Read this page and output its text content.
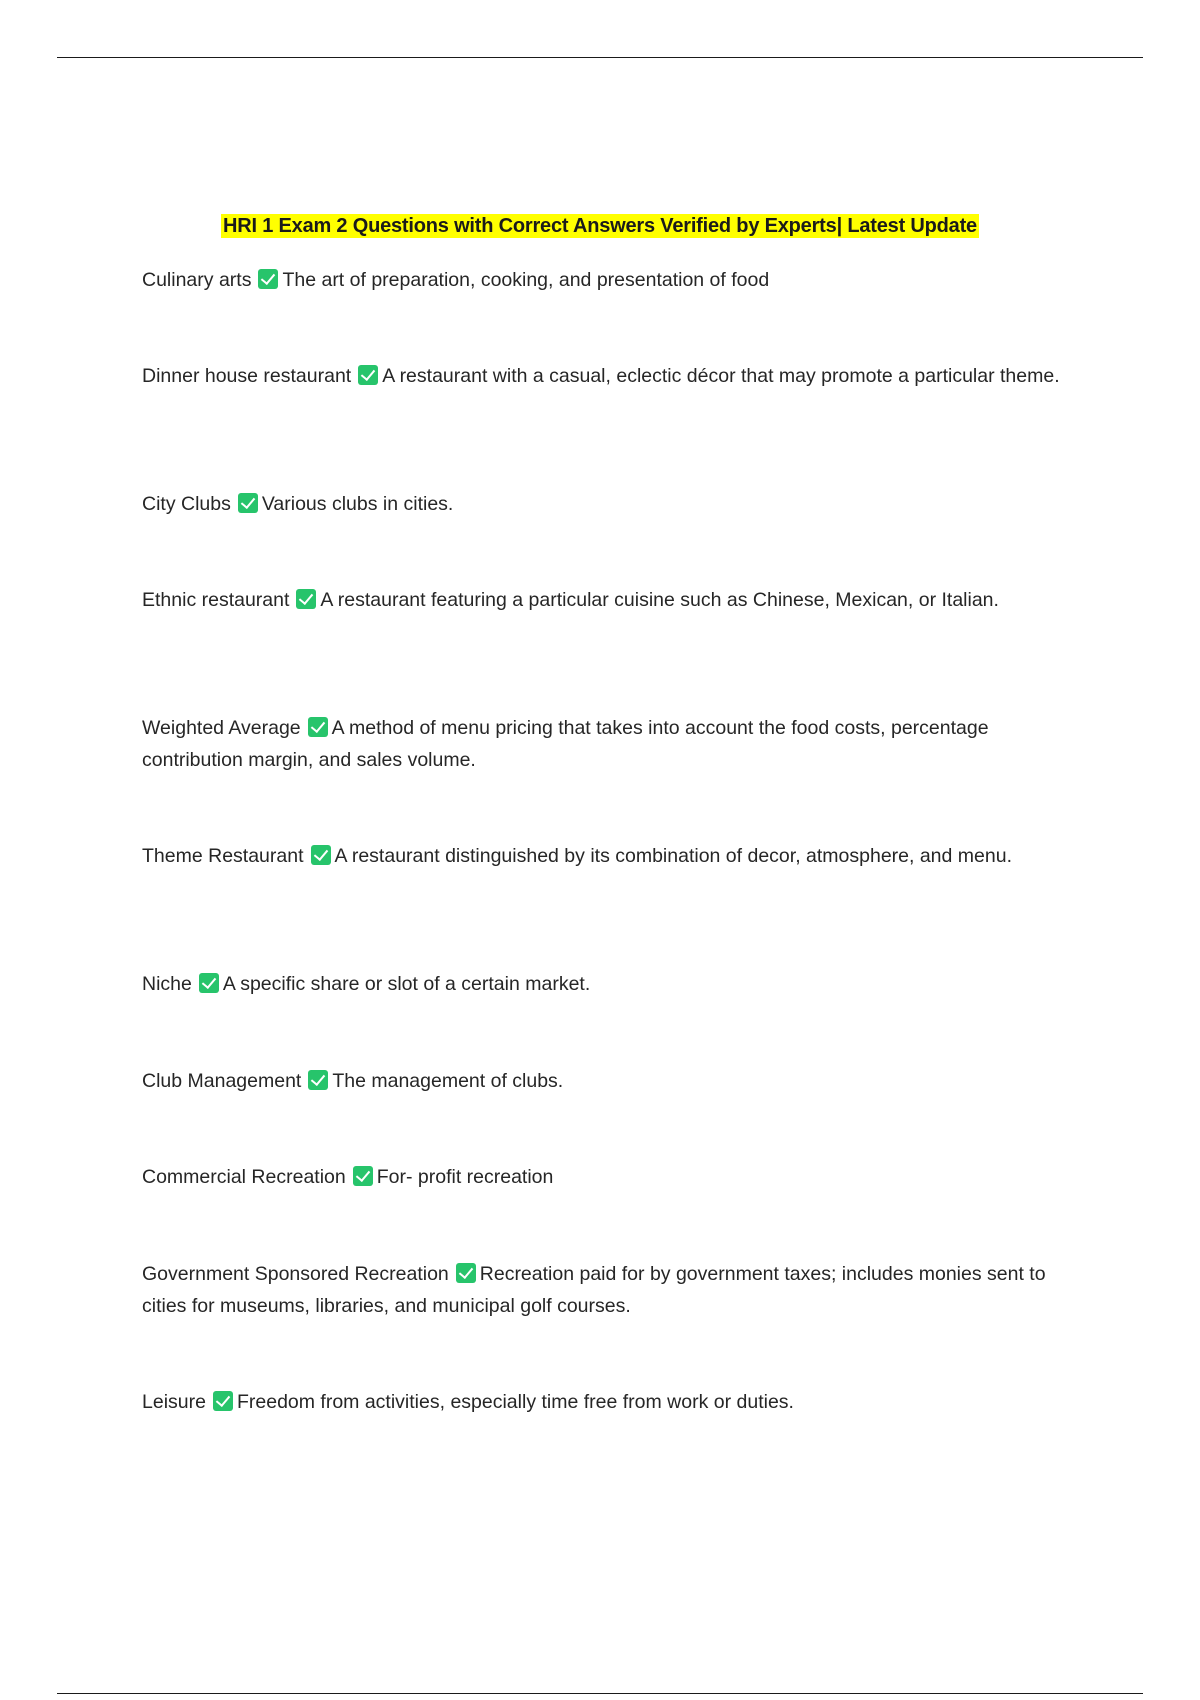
HRI 1 Exam 2 Questions with Correct Answers Verified by Experts| Latest Update
Culinary arts The art of preparation, cooking, and presentation of food
Dinner house restaurant A restaurant with a casual, eclectic décor that may promote a particular theme.
City Clubs Various clubs in cities.
Ethnic restaurant A restaurant featuring a particular cuisine such as Chinese, Mexican, or Italian.
Weighted Average A method of menu pricing that takes into account the food costs, percentage contribution margin, and sales volume.
Theme Restaurant A restaurant distinguished by its combination of decor, atmosphere, and menu.
Niche A specific share or slot of a certain market.
Club Management The management of clubs.
Commercial Recreation For- profit recreation
Government Sponsored Recreation Recreation paid for by government taxes; includes monies sent to cities for museums, libraries, and municipal golf courses.
Leisure Freedom from activities, especially time free from work or duties.
